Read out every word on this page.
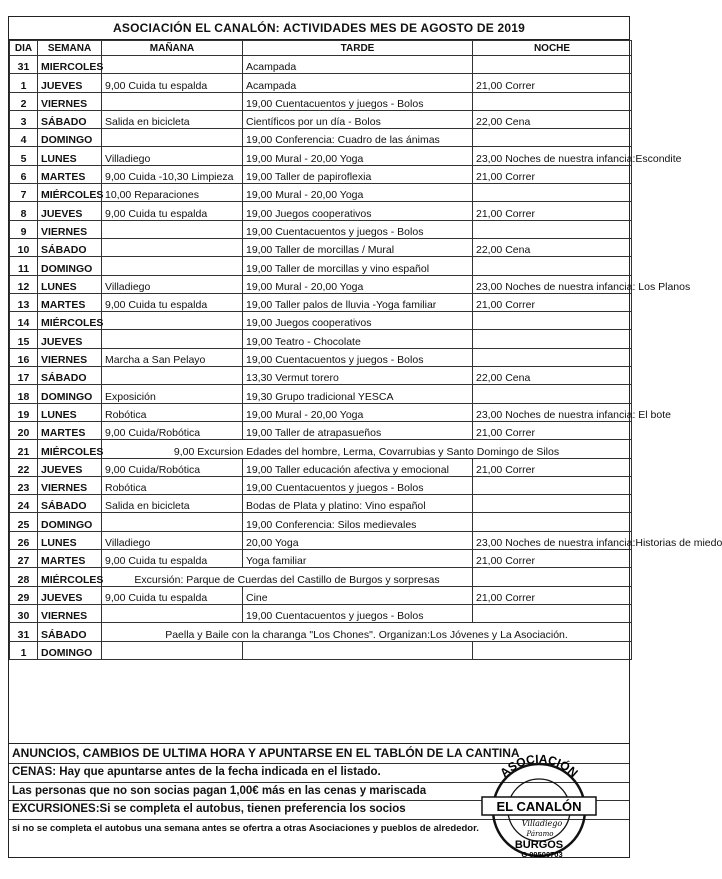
ASOCIACIÓN EL CANALÓN: ACTIVIDADES MES DE AGOSTO DE 2019
DIA	SEMANA	MAÑANA	TARDE	NOCHE
31	MIERCOLES		Acampada	
1	JUEVES	9,00 Cuida tu espalda	Acampada	21,00 Correr
2	VIERNES		19,00 Cuentacuentos y juegos - Bolos	
3	SÁBADO	Salida en bicicleta	Científicos por un día - Bolos	22,00 Cena
4	DOMINGO		19,00 Conferencia: Cuadro de las ánimas	
5	LUNES	Villadiego	19,00 Mural - 20,00 Yoga	23,00 Noches de nuestra infancia:Escondite
6	MARTES	9,00 Cuida -10,30 Limpieza	19,00 Taller de papiroflexia	21,00 Correr
7	MIÉRCOLES	10,00 Reparaciones	19,00 Mural - 20,00 Yoga	
8	JUEVES	9,00 Cuida tu espalda	19,00 Juegos cooperativos	21,00 Correr
9	VIERNES		19,00 Cuentacuentos y juegos - Bolos	
10	SÁBADO		19,00 Taller de morcillas / Mural	22,00 Cena
11	DOMINGO		19,00 Taller de morcillas y vino español	
12	LUNES	Villadiego	19,00 Mural - 20,00 Yoga	23,00 Noches de nuestra infancia: Los Planos
13	MARTES	9,00 Cuida tu espalda	19,00 Taller palos de lluvia -Yoga familiar	21,00 Correr
14	MIÉRCOLES		19,00 Juegos cooperativos	
15	JUEVES		19,00 Teatro - Chocolate	
16	VIERNES	Marcha a San Pelayo	19,00 Cuentacuentos y juegos - Bolos	
17	SÁBADO		13,30 Vermut torero	22,00 Cena
18	DOMINGO	Exposición	19,30 Grupo tradicional YESCA	
19	LUNES	Robótica	19,00 Mural - 20,00 Yoga	23,00 Noches de nuestra infancia: El bote
20	MARTES	9,00 Cuida/Robótica	19,00 Taller de atrapasueños	21,00 Correr
21	MIÉRCOLES	9,00 Excursion Edades del hombre, Lerma, Covarrubias y Santo Domingo de Silos		
22	JUEVES	9,00 Cuida/Robótica	19,00 Taller educación afectiva y emocional	21,00 Correr
23	VIERNES	Robótica	19,00 Cuentacuentos y juegos - Bolos	
24	SÁBADO	Salida en bicicleta	Bodas de Plata y platino: Vino español	
25	DOMINGO		19,00 Conferencia: Silos medievales	
26	LUNES	Villadiego	20,00 Yoga	23,00 Noches de nuestra infancia:Historias de miedo
27	MARTES	9,00 Cuida tu espalda	Yoga familiar	21,00 Correr
28	MIÉRCOLES	Excursión: Parque de Cuerdas del Castillo de Burgos y sorpresas		
29	JUEVES	9,00 Cuida tu espalda	Cine	21,00 Correr
30	VIERNES		19,00 Cuentacuentos y juegos - Bolos	
31	SÁBADO	Paella y Baile con la charanga "Los Chones". Organizan:Los Jóvenes y La Asociación.		
1	DOMINGO			
ANUNCIOS, CAMBIOS DE ULTIMA HORA Y APUNTARSE EN EL TABLÓN DE LA CANTINA
CENAS: Hay que apuntarse antes de la fecha indicada en el listado.
Las personas que no son socias pagan 1,00€ más en las cenas y mariscada
EXCURSIONES:Si se completa el autobus, tienen preferencia los socios
si no se completa el autobus una semana antes se ofertra a otras Asociaciones y pueblos de alrededor.
ASOCIACIÓN
EL CANALÓN
Villadiego
Páramo
BURGOS
G 09500703
